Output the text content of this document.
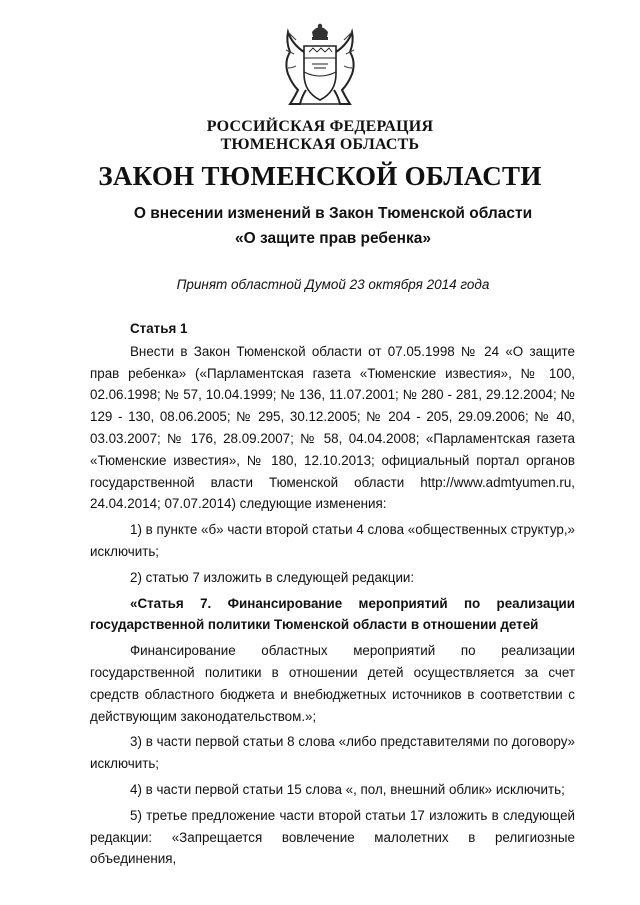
РОССИЙСКАЯ ФЕДЕРАЦИЯ
ТЮМЕНСКАЯ ОБЛАСТЬ
ЗАКОН ТЮМЕНСКОЙ ОБЛАСТИ
О внесении изменений в Закон Тюменской области
«О защите прав ребенка»
Принят областной Думой 23 октября 2014 года

Статья 1

Внести в Закон Тюменской области от 07.05.1998 № 24 «О защите прав ребенка» («Парламентская газета «Тюменские известия», № 100, 02.06.1998; № 57, 10.04.1999; № 136, 11.07.2001; № 280 - 281, 29.12.2004; № 129 - 130, 08.06.2005; № 295, 30.12.2005; № 204 - 205, 29.09.2006; № 40, 03.03.2007; № 176, 28.09.2007; № 58, 04.04.2008; «Парламентская газета «Тюменские известия», № 180, 12.10.2013; официальный портал органов государственной власти Тюменской области http://www.admtyumen.ru, 24.04.2014; 07.07.2014) следующие изменения:

1) в пункте «б» части второй статьи 4 слова «общественных структур,» исключить;

2) статью 7 изложить в следующей редакции:

«Статья 7. Финансирование мероприятий по реализации государственной политики Тюменской области в отношении детей

Финансирование областных мероприятий по реализации государственной политики в отношении детей осуществляется за счет средств областного бюджета и внебюджетных источников в соответствии с действующим законодательством.»;

3) в части первой статьи 8 слова «либо представителями по договору» исключить;

4) в части первой статьи 15 слова «, пол, внешний облик» исключить;

5) третье предложение части второй статьи 17 изложить в следующей редакции: «Запрещается вовлечение малолетних в религиозные объединения,
